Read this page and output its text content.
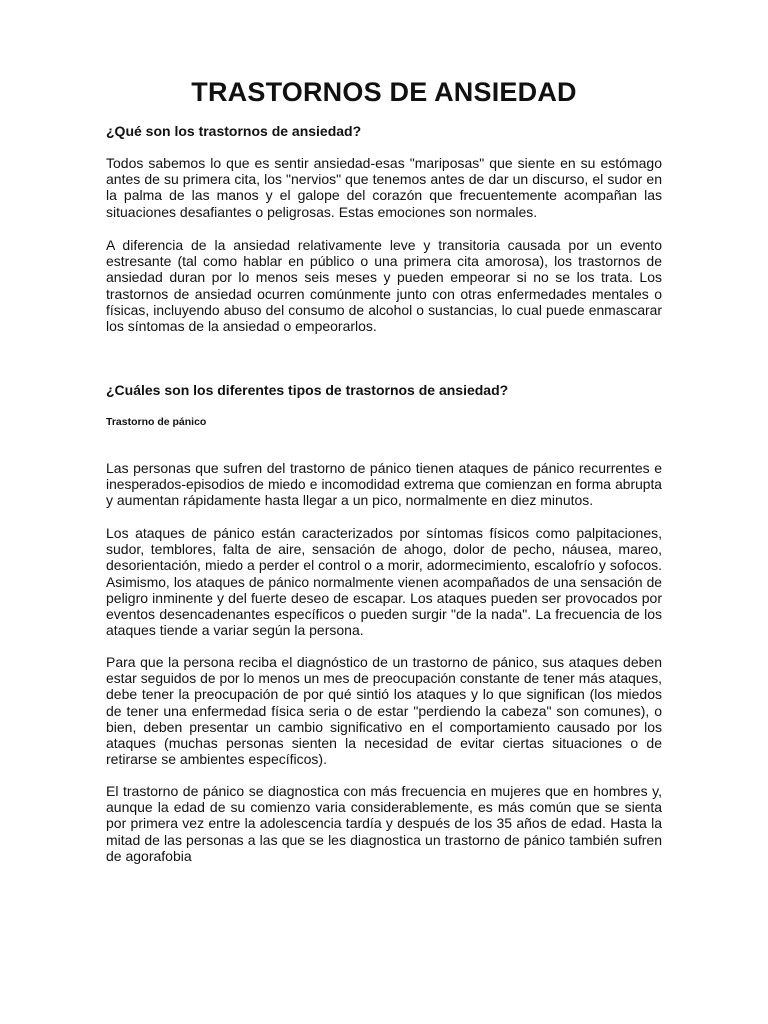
TRASTORNOS DE ANSIEDAD
¿Qué son los trastornos de ansiedad?
Todos sabemos lo que es sentir ansiedad-esas "mariposas" que siente en su estómago
antes de su primera cita, los "nervios" que tenemos antes de dar un discurso, el sudor en
la palma de las manos y el galope del corazón que frecuentemente acompañan las
situaciones desafiantes o peligrosas. Estas emociones son normales.
A diferencia de la ansiedad relativamente leve y transitoria causada por un evento
estresante (tal como hablar en público o una primera cita amorosa), los trastornos de
ansiedad duran por lo menos seis meses y pueden empeorar si no se los trata. Los
trastornos de ansiedad ocurren comúnmente junto con otras enfermedades mentales o
físicas, incluyendo abuso del consumo de alcohol o sustancias, lo cual puede enmascarar
los síntomas de la ansiedad o empeorarlos.
¿Cuáles son los diferentes tipos de trastornos de ansiedad?
Trastorno de pánico
Las personas que sufren del trastorno de pánico tienen ataques de pánico recurrentes e
inesperados-episodios de miedo e incomodidad extrema que comienzan en forma abrupta
y aumentan rápidamente hasta llegar a un pico, normalmente en diez minutos.
Los ataques de pánico están caracterizados por síntomas físicos como palpitaciones,
sudor, temblores, falta de aire, sensación de ahogo, dolor de pecho, náusea, mareo,
desorientación, miedo a perder el control o a morir, adormecimiento, escalofrío y sofocos.
Asimismo, los ataques de pánico normalmente vienen acompañados de una sensación de
peligro inminente y del fuerte deseo de escapar. Los ataques pueden ser provocados por
eventos desencadenantes específicos o pueden surgir "de la nada". La frecuencia de los
ataques tiende a variar según la persona.
Para que la persona reciba el diagnóstico de un trastorno de pánico, sus ataques deben
estar seguidos de por lo menos un mes de preocupación constante de tener más ataques,
debe tener la preocupación de por qué sintió los ataques y lo que significan (los miedos
de tener una enfermedad física seria o de estar "perdiendo la cabeza" son comunes), o
bien, deben presentar un cambio significativo en el comportamiento causado por los
ataques (muchas personas sienten la necesidad de evitar ciertas situaciones o de
retirarse se ambientes específicos).
El trastorno de pánico se diagnostica con más frecuencia en mujeres que en hombres y,
aunque la edad de su comienzo varia considerablemente, es más común que se sienta
por primera vez entre la adolescencia tardía y después de los 35 años de edad. Hasta la
mitad de las personas a las que se les diagnostica un trastorno de pánico también sufren
de agorafobia
